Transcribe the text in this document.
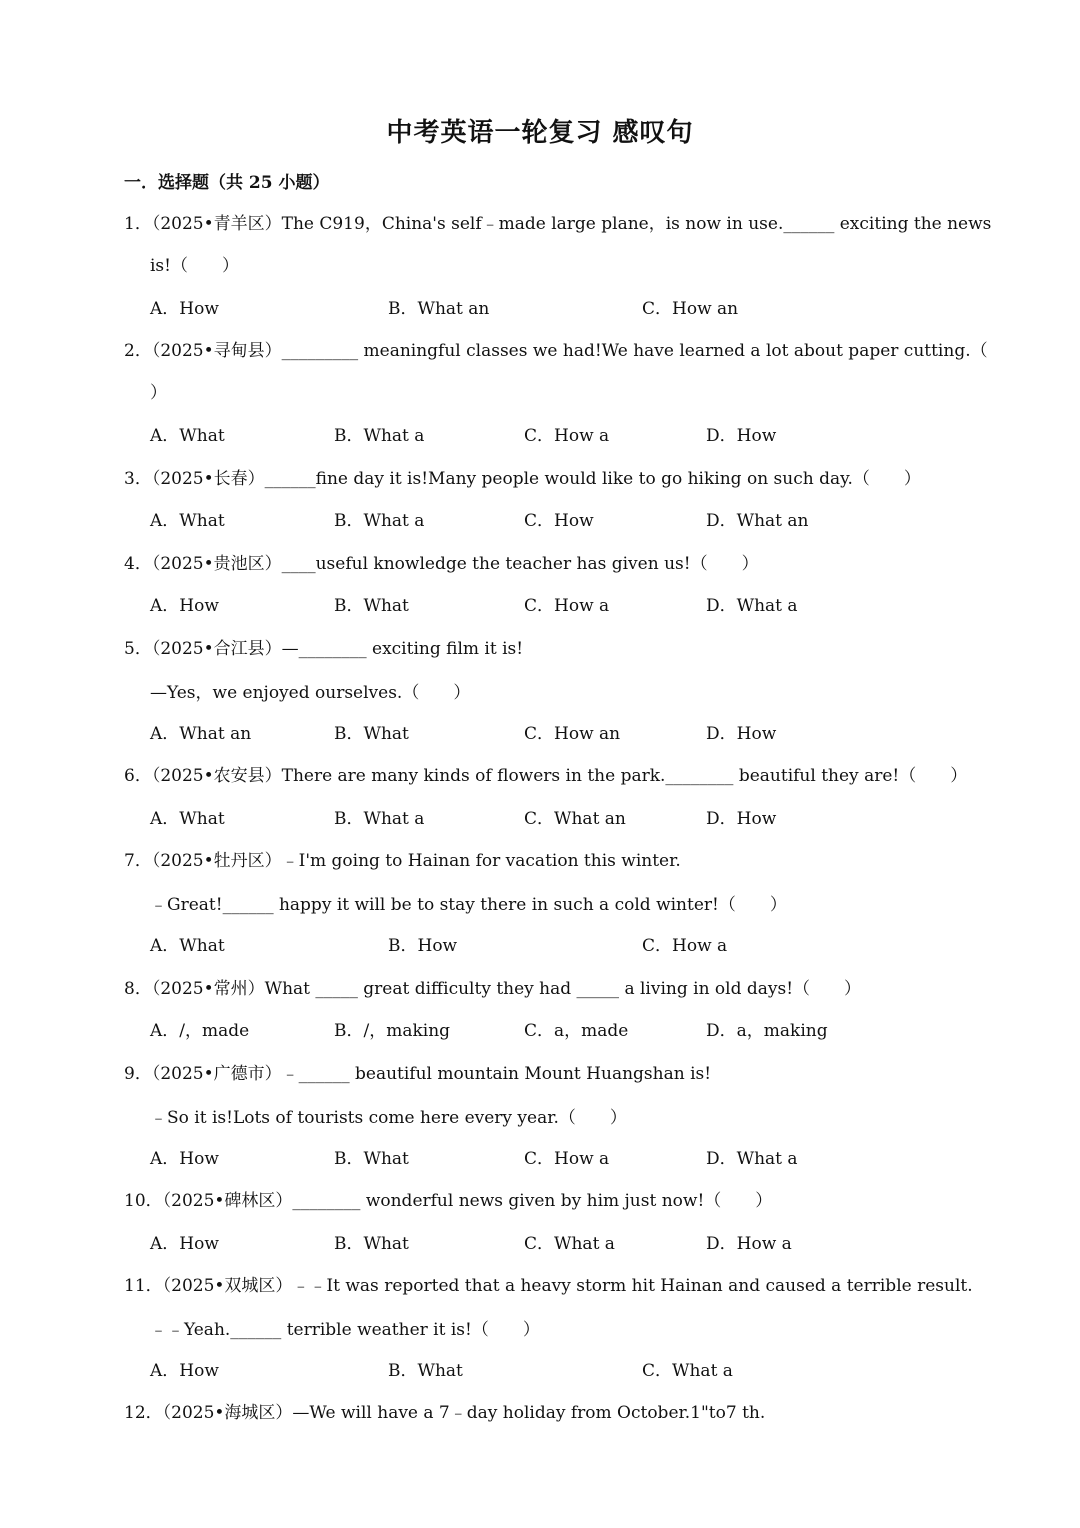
中考英语一轮复习 感叹句
一．选择题（共 25 小题）
1．（2025•青羊区）The C919，China's self﹣made large plane，is now in use.______ exciting the news
is!（　　）
A．How	B．What an	C．How an
2．（2025•寻甸县）_________ meaningful classes we had!We have learned a lot about paper cutting.（
）
A．What	B．What a	C．How a	D．How
3．（2025•长春）______fine day it is!Many people would like to go hiking on such day.（　　）
A．What	B．What a	C．How	D．What an
4．（2025•贵池区）____useful knowledge the teacher has given us!（　　）
A．How	B．What	C．How a	D．What a
5．（2025•合江县）—________ exciting film it is!
—Yes，we enjoyed ourselves.（　　）
A．What an	B．What	C．How an	D．How
6．（2025•农安县）There are many kinds of flowers in the park.________ beautiful they are!（　　）
A．What	B．What a	C．What an	D．How
7．（2025•牡丹区）﹣I'm going to Hainan for vacation this winter.
﹣Great!______ happy it will be to stay there in such a cold winter!（　　）
A．What	B．How	C．How a
8．（2025•常州）What _____ great difficulty they had _____ a living in old days!（　　）
A．/，made	B．/，making	C．a，made	D．a，making
9．（2025•广德市）﹣______ beautiful mountain Mount Huangshan is!
﹣So it is!Lots of tourists come here every year.（　　）
A．How	B．What	C．How a	D．What a
10．（2025•碑林区）________ wonderful news given by him just now!（　　）
A．How	B．What	C．What a	D．How a
11．（2025•双城区）﹣﹣It was reported that a heavy storm hit Hainan and caused a terrible result.
﹣﹣Yeah.______ terrible weather it is!（　　）
A．How	B．What	C．What a
12．（2025•海城区）—We will have a 7﹣day holiday from October.1"to7 th.
